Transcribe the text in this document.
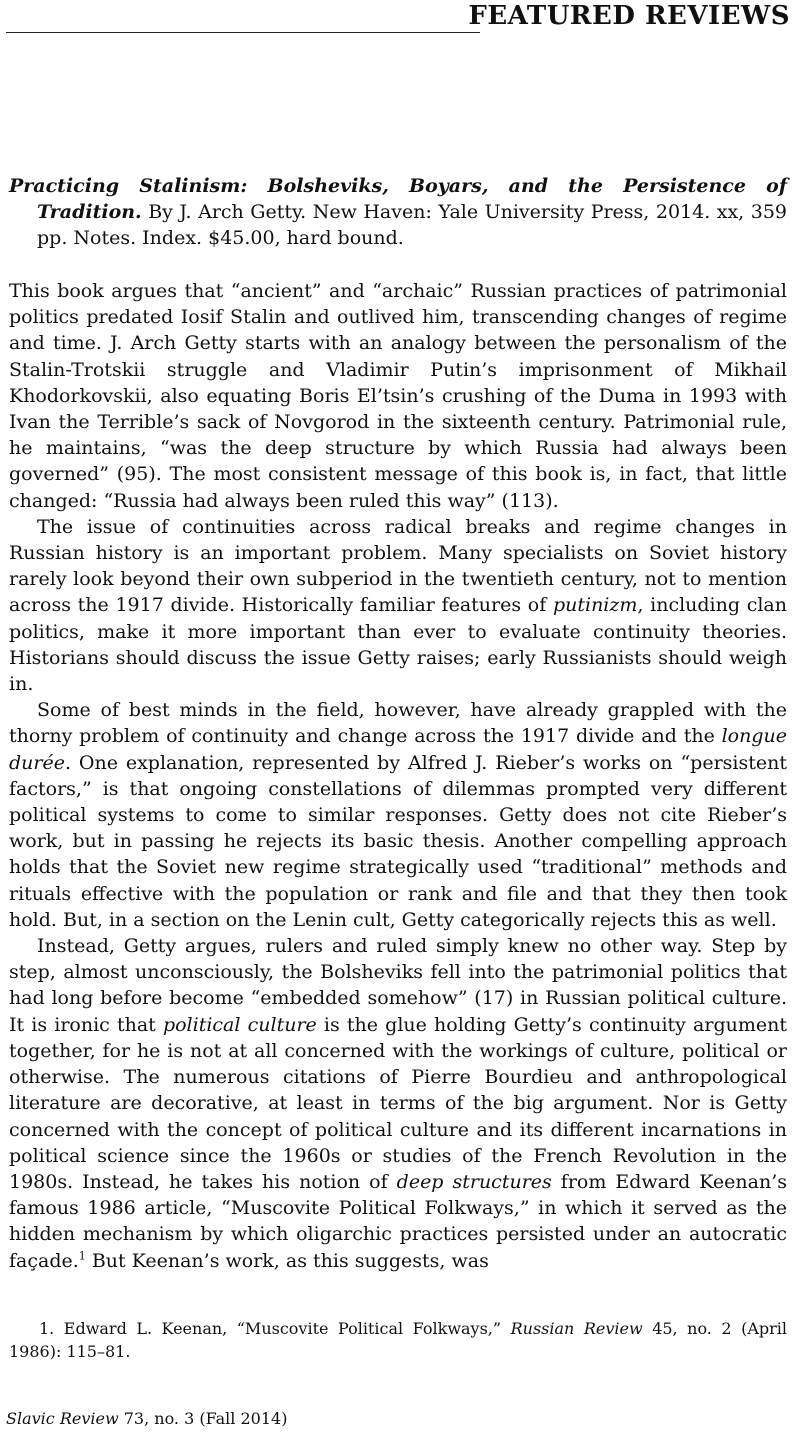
FEATURED REVIEWS

Practicing Stalinism: Bolsheviks, Boyars, and the Persistence of Tradition. By J. Arch Getty. New Haven: Yale University Press, 2014. xx, 359 pp. Notes. Index. $45.00, hard bound.

This book argues that “ancient” and “archaic” Russian practices of patrimonial politics predated Iosif Stalin and outlived him, transcending changes of regime and time. J. Arch Getty starts with an analogy between the personalism of the Stalin-Trotskii struggle and Vladimir Putin’s imprisonment of Mikhail Khodorkovskii, also equating Boris El’tsin’s crushing of the Duma in 1993 with Ivan the Terrible’s sack of Novgorod in the sixteenth century. Patrimonial rule, he maintains, “was the deep structure by which Russia had always been governed” (95). The most consistent message of this book is, in fact, that little changed: “Russia had always been ruled this way” (113).

The issue of continuities across radical breaks and regime changes in Russian history is an important problem. Many specialists on Soviet history rarely look beyond their own subperiod in the twentieth century, not to mention across the 1917 divide. Historically familiar features of putinizm, including clan politics, make it more important than ever to evaluate continuity theories. Historians should discuss the issue Getty raises; early Russianists should weigh in.

Some of best minds in the field, however, have already grappled with the thorny problem of continuity and change across the 1917 divide and the longue durée. One explanation, represented by Alfred J. Rieber’s works on “persistent factors,” is that ongoing constellations of dilemmas prompted very different political systems to come to similar responses. Getty does not cite Rieber’s work, but in passing he rejects its basic thesis. Another compelling approach holds that the Soviet new regime strategically used “traditional” methods and rituals effective with the population or rank and file and that they then took hold. But, in a section on the Lenin cult, Getty categorically rejects this as well.

Instead, Getty argues, rulers and ruled simply knew no other way. Step by step, almost unconsciously, the Bolsheviks fell into the patrimonial politics that had long before become “embedded somehow” (17) in Russian political culture. It is ironic that political culture is the glue holding Getty’s continuity argument together, for he is not at all concerned with the workings of culture, political or otherwise. The numerous citations of Pierre Bourdieu and anthropological literature are decorative, at least in terms of the big argument. Nor is Getty concerned with the concept of political culture and its different incarnations in political science since the 1960s or studies of the French Revolution in the 1980s. Instead, he takes his notion of deep structures from Edward Keenan’s famous 1986 article, “Muscovite Political Folkways,” in which it served as the hidden mechanism by which oligarchic practices persisted under an autocratic façade.$^1$ But Keenan’s work, as this suggests, was

1. Edward L. Keenan, “Muscovite Political Folkways,” Russian Review 45, no. 2 (April 1986): 115–81.

Slavic Review 73, no. 3 (Fall 2014)
